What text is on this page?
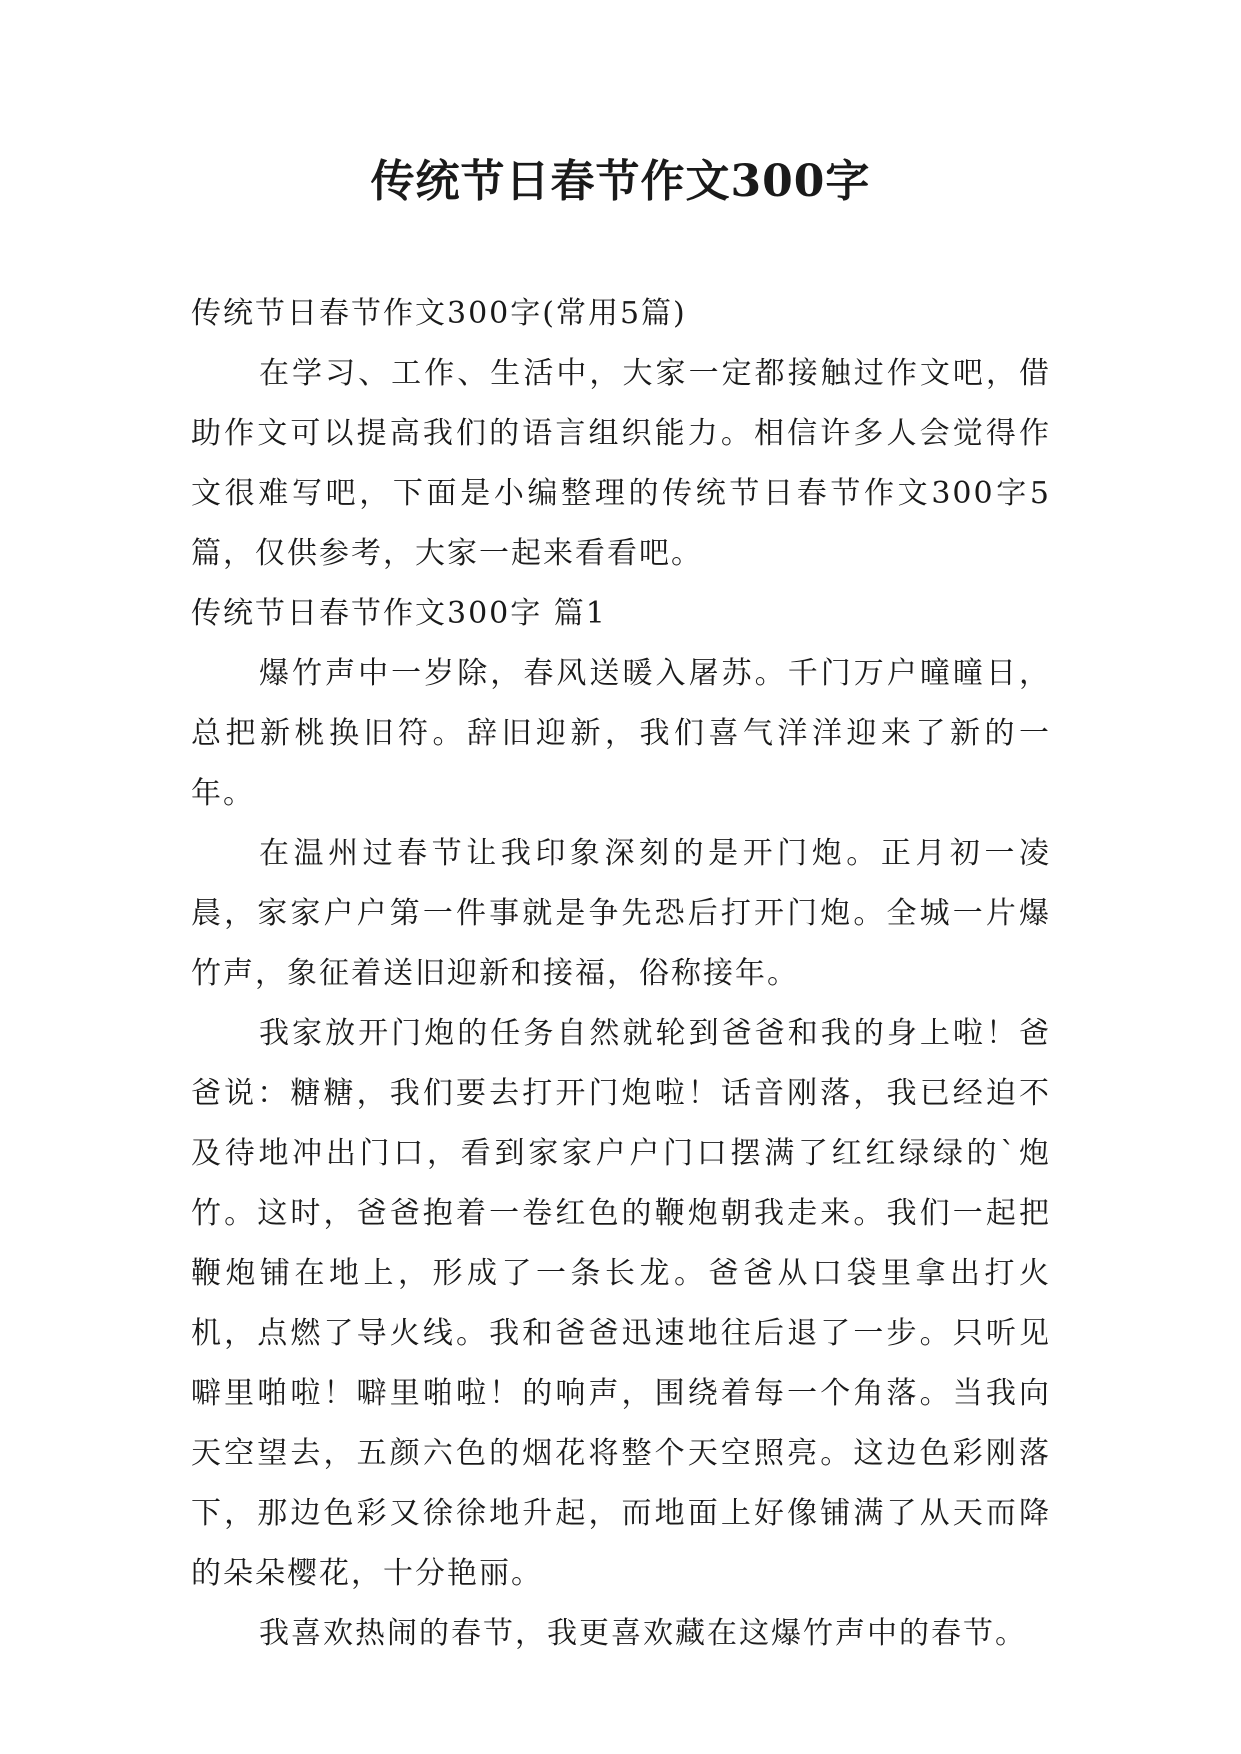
传统节日春节作文300字

传统节日春节作文300字(常用5篇)

在学习、工作、生活中，大家一定都接触过作文吧，借助作文可以提高我们的语言组织能力。相信许多人会觉得作文很难写吧，下面是小编整理的传统节日春节作文300字5篇，仅供参考，大家一起来看看吧。

传统节日春节作文300字 篇1

爆竹声中一岁除，春风送暖入屠苏。千门万户曈曈日，总把新桃换旧符。辞旧迎新，我们喜气洋洋迎来了新的一年。

在温州过春节让我印象深刻的是开门炮。正月初一凌晨，家家户户第一件事就是争先恐后打开门炮。全城一片爆竹声，象征着送旧迎新和接福，俗称接年。

我家放开门炮的任务自然就轮到爸爸和我的身上啦！爸爸说：糖糖，我们要去打开门炮啦！话音刚落，我已经迫不及待地冲出门口，看到家家户户门口摆满了红红绿绿的`炮竹。这时，爸爸抱着一卷红色的鞭炮朝我走来。我们一起把鞭炮铺在地上，形成了一条长龙。爸爸从口袋里拿出打火机，点燃了导火线。我和爸爸迅速地往后退了一步。只听见噼里啪啦！噼里啪啦！的响声，围绕着每一个角落。当我向天空望去，五颜六色的烟花将整个天空照亮。这边色彩刚落下，那边色彩又徐徐地升起，而地面上好像铺满了从天而降的朵朵樱花，十分艳丽。

我喜欢热闹的春节，我更喜欢藏在这爆竹声中的春节。
